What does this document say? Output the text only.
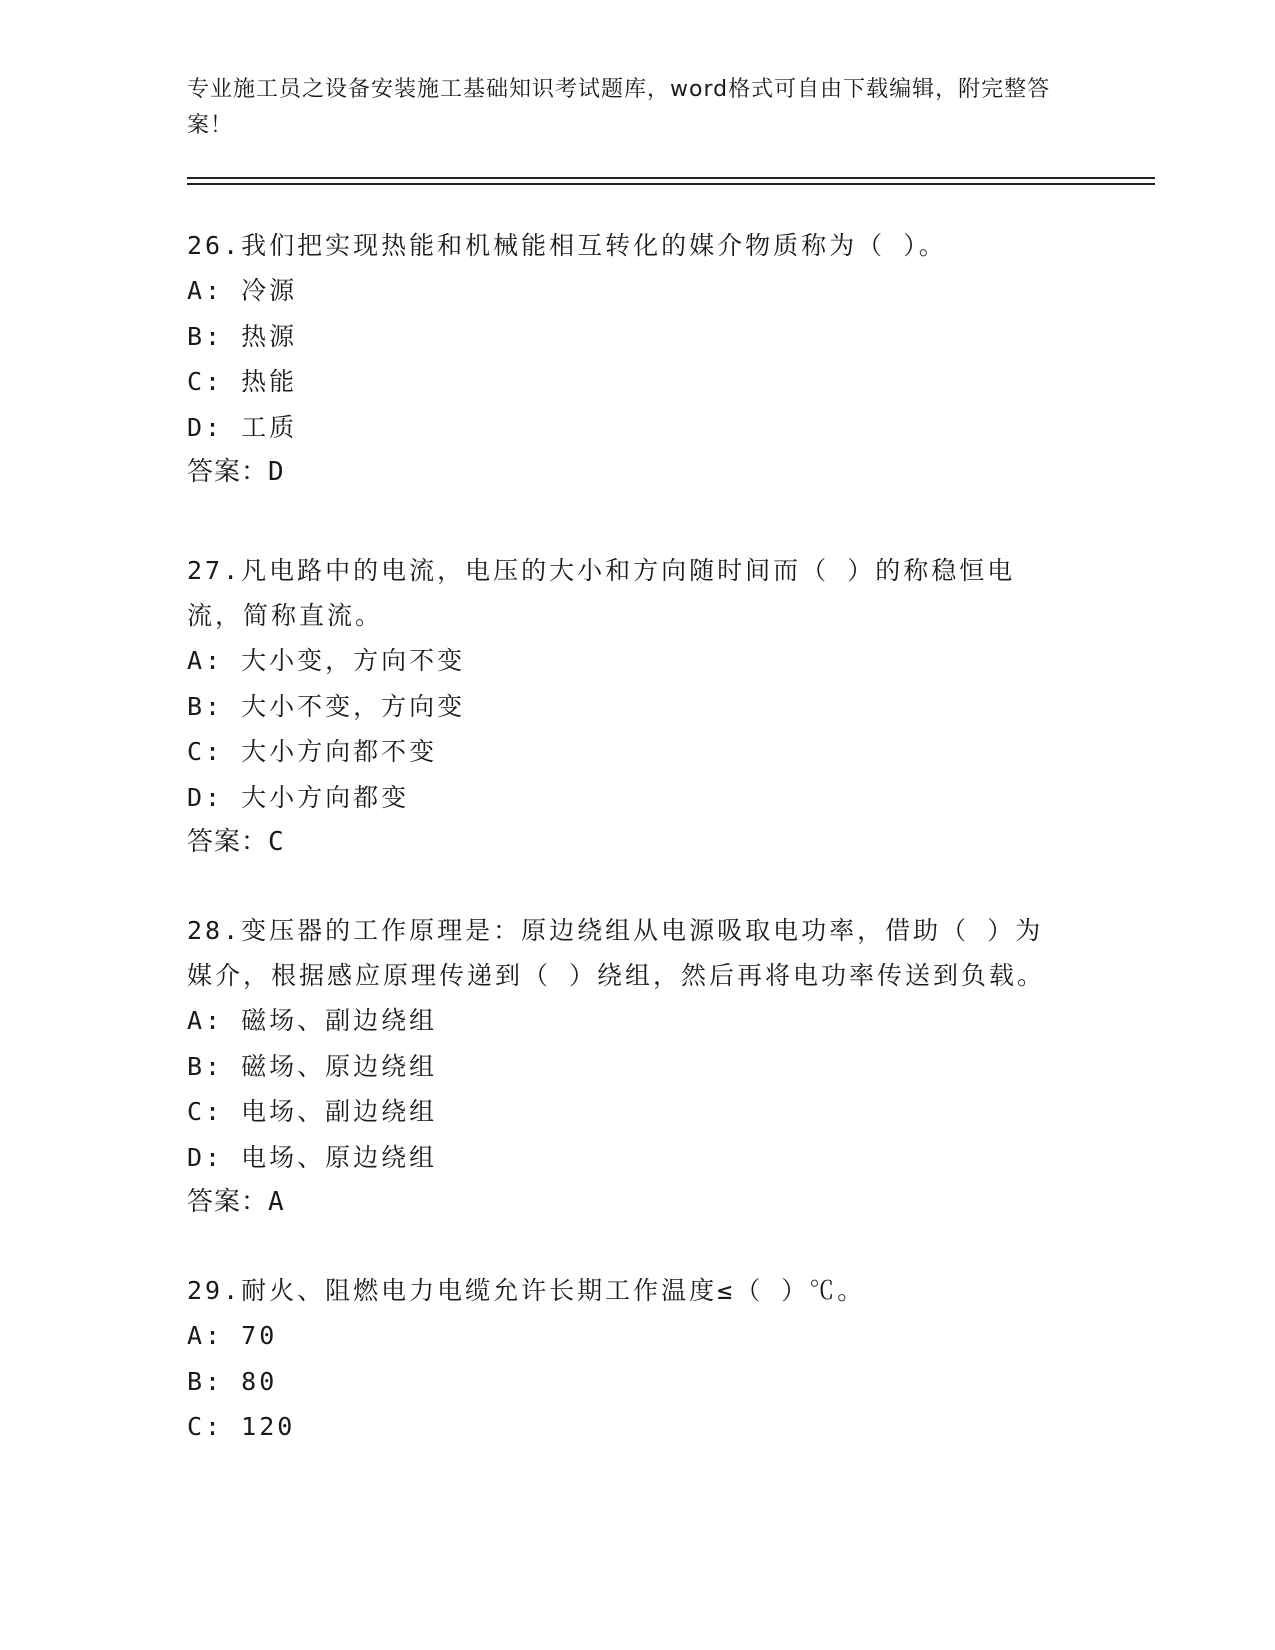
专业施工员之设备安装施工基础知识考试题库，word格式可自由下载编辑，附完整答案！

26.我们把实现热能和机械能相互转化的媒介物质称为（ ）。

A: 冷源

B: 热源

C: 热能

D: 工质

答案：D

27.凡电路中的电流，电压的大小和方向随时间而（ ）的称稳恒电流，简称直流。

A: 大小变，方向不变

B: 大小不变，方向变

C: 大小方向都不变

D: 大小方向都变

答案：C

28.变压器的工作原理是：原边绕组从电源吸取电功率，借助（ ）为媒介，根据感应原理传递到（ ）绕组，然后再将电功率传送到负载。

A: 磁场、副边绕组

B: 磁场、原边绕组

C: 电场、副边绕组

D: 电场、原边绕组

答案：A

29.耐火、阻燃电力电缆允许长期工作温度≤（ ）℃。

A: 70

B: 80

C: 120
